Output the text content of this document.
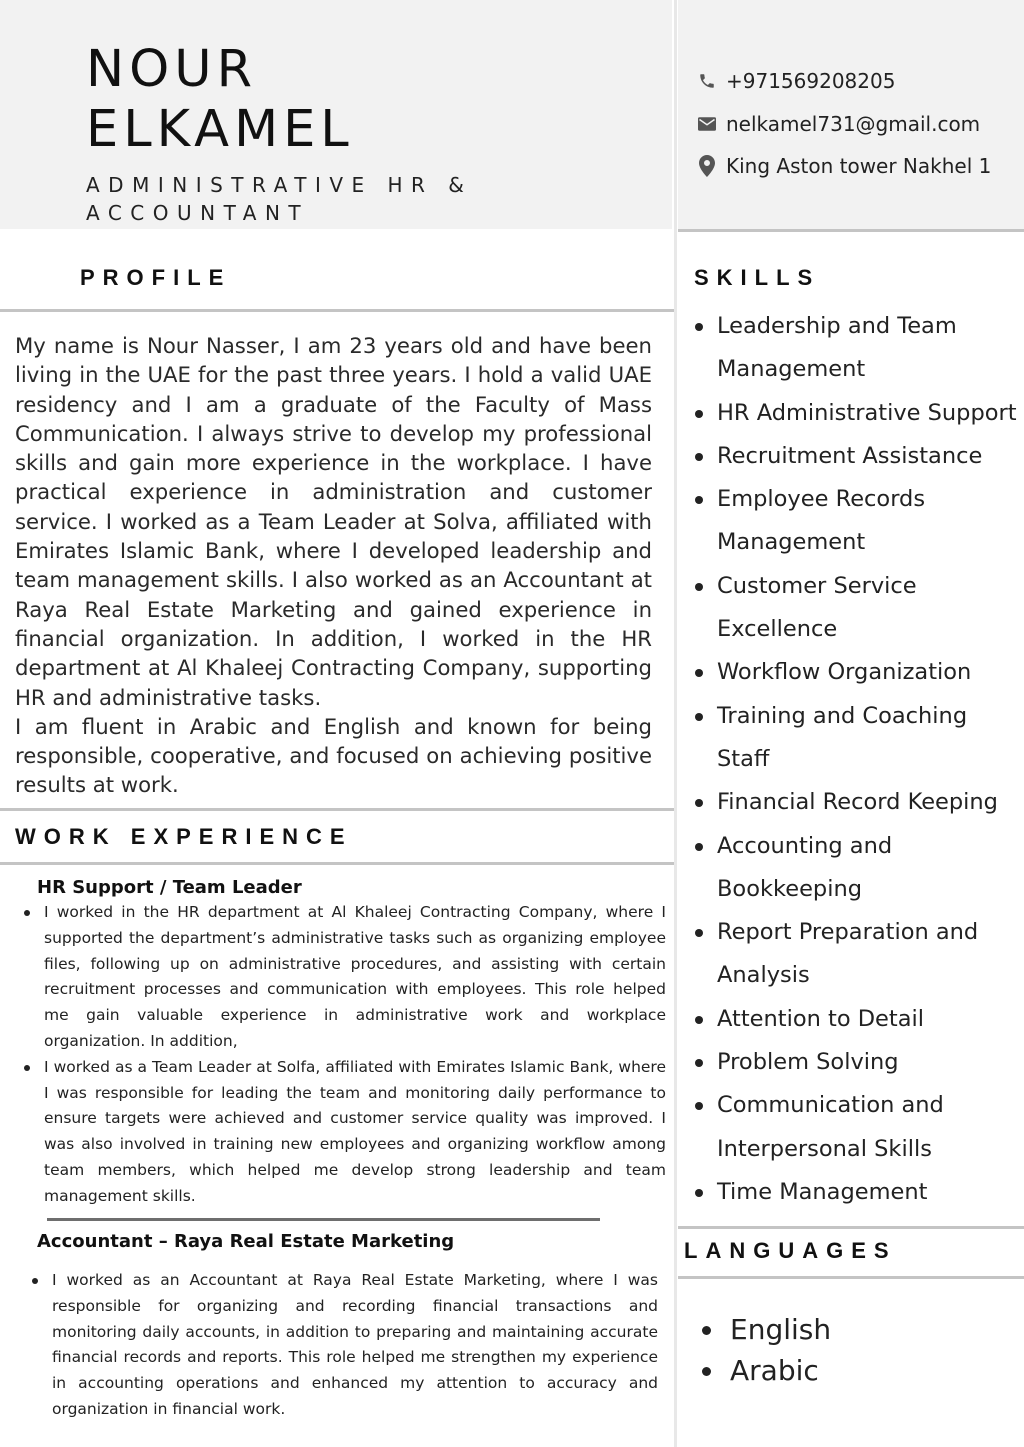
NOUR
ELKAMEL
ADMINISTRATIVE HR & ACCOUNTANT
+971569208205
nelkamel731@gmail.com
King Aston tower Nakhel 1
PROFILE

My name is Nour Nasser, I am 23 years old and have been living in the UAE for the past three years. I hold a valid UAE residency and I am a graduate of the Faculty of Mass Communication. I always strive to develop my professional skills and gain more experience in the workplace. I have practical experience in administration and customer service. I worked as a Team Leader at Solva, affiliated with Emirates Islamic Bank, where I developed leadership and team management skills. I also worked as an Accountant at Raya Real Estate Marketing and gained experience in financial organization. In addition, I worked in the HR department at Al Khaleej Contracting Company, supporting HR and administrative tasks.

I am fluent in Arabic and English and known for being responsible, cooperative, and focused on achieving positive results at work.

WORK EXPERIENCE
HR Support / Team Leader
I worked in the HR department at Al Khaleej Contracting Company, where I supported the department’s administrative tasks such as organizing employee files, following up on administrative procedures, and assisting with certain recruitment processes and communication with employees. This role helped me gain valuable experience in administrative work and workplace organization. In addition,
I worked as a Team Leader at Solfa, affiliated with Emirates Islamic Bank, where I was responsible for leading the team and monitoring daily performance to ensure targets were achieved and customer service quality was improved. I was also involved in training new employees and organizing workflow among team members, which helped me develop strong leadership and team management skills.
Accountant – Raya Real Estate Marketing
I worked as an Accountant at Raya Real Estate Marketing, where I was responsible for organizing and recording financial transactions and monitoring daily accounts, in addition to preparing and maintaining accurate financial records and reports. This role helped me strengthen my experience in accounting operations and enhanced my attention to accuracy and organization in financial work.
SKILLS
Leadership and Team Management
HR Administrative Support
Recruitment Assistance
Employee Records Management
Customer Service Excellence
Workflow Organization
Training and Coaching Staff
Financial Record Keeping
Accounting and Bookkeeping
Report Preparation and Analysis
Attention to Detail
Problem Solving
Communication and Interpersonal Skills
Time Management
LANGUAGES
English
Arabic
